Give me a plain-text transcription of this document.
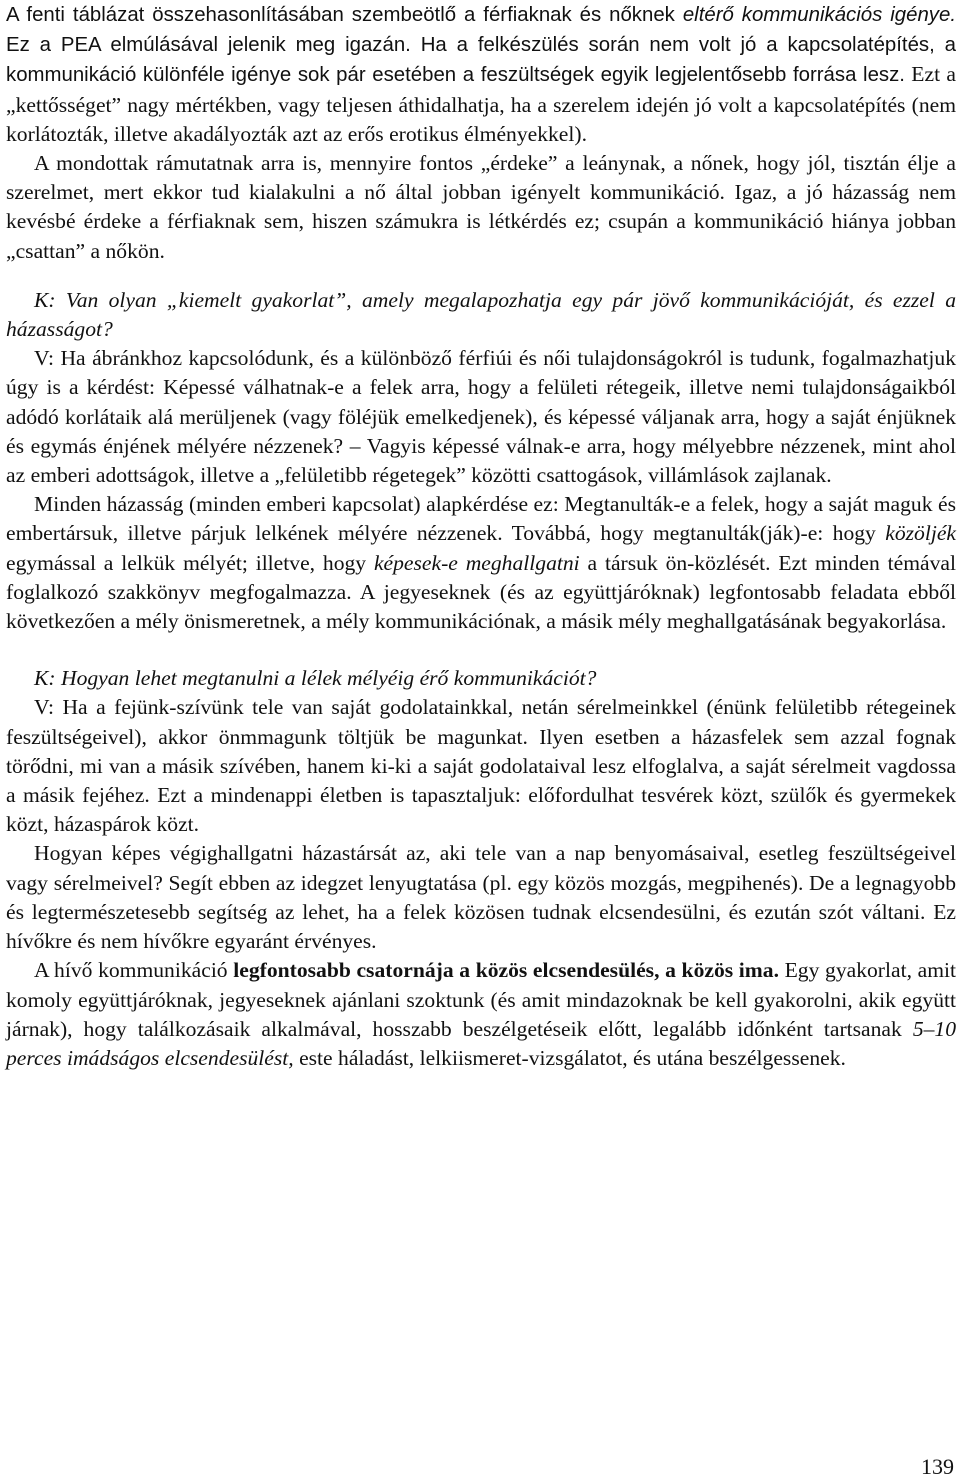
A fenti táblázat összehasonlításában szembeötlő a férfiaknak és nőknek eltérő kommunikációs igénye. Ez a PEA elmúlásával jelenik meg igazán. Ha a felkészülés során nem volt jó a kapcsolatépítés, a kommunikáció különféle igénye sok pár esetében a feszültségek egyik legjelentősebb forrása lesz. Ezt a „kettősséget” nagy mértékben, vagy teljesen áthidalhatja, ha a szerelem idején jó volt a kapcsolatépítés (nem korlátozták, illetve akadályozták azt az erős erotikus élményekkel).

A mondottak rámutatnak arra is, mennyire fontos „érdeke” a leánynak, a nőnek, hogy jól, tisztán élje a szerelmet, mert ekkor tud kialakulni a nő által jobban igényelt kommunikáció. Igaz, a jó házasság nem kevésbé érdeke a férfiaknak sem, hiszen számukra is létkérdés ez; csupán a kommunikáció hiánya jobban „csattan” a nőkön.

K: Van olyan „kiemelt gyakorlat”, amely megalapozhatja egy pár jövő kommunikációját, és ezzel a házasságot?

V: Ha ábránkhoz kapcsolódunk, és a különböző férfiúi és női tulajdonságokról is tudunk, fogalmazhatjuk úgy is a kérdést: Képessé válhatnak-e a felek arra, hogy a felületi rétegeik, illetve nemi tulajdonságaikból adódó korlátaik alá merüljenek (vagy föléjük emelkedjenek), és képessé váljanak arra, hogy a saját énjüknek és egymás énjének mélyére nézzenek? – Vagyis képessé válnak-e arra, hogy mélyebbre nézzenek, mint ahol az emberi adottságok, illetve a „felületibb régetegek” közötti csattogások, villámlások zajlanak.

Minden házasság (minden emberi kapcsolat) alapkérdése ez: Megtanulták-e a felek, hogy a saját maguk és embertársuk, illetve párjuk lelkének mélyére nézzenek. Továbbá, hogy megtanulták(ják)-e: hogy közöljék egymással a lelkük mélyét; illetve, hogy képesek-e meghallgatni a társuk ön-közlését. Ezt minden témával foglalkozó szakkönyv megfogalmazza. A jegyeseknek (és az együttjáróknak) legfontosabb feladata ebből következően a mély önismeretnek, a mély kommunikációnak, a másik mély meghallgatásának begyakorlása.

K: Hogyan lehet megtanulni a lélek mélyéig érő kommunikációt?

V: Ha a fejünk-szívünk tele van saját godolatainkkal, netán sérelmeinkkel (énünk felületibb rétegeinek feszültségeivel), akkor önmmagunk töltjük be magunkat. Ilyen esetben a házasfelek sem azzal fognak törődni, mi van a másik szívében, hanem ki-ki a saját godolataival lesz elfoglalva, a saját sérelmeit vagdossa a másik fejéhez. Ezt a mindenappi életben is tapasztaljuk: előfordulhat tesvérek közt, szülők és gyermekek közt, házaspárok közt.

Hogyan képes végighallgatni házastársát az, aki tele van a nap benyomásaival, esetleg feszültségeivel vagy sérelmeivel? Segít ebben az idegzet lenyugtatása (pl. egy közös mozgás, megpihenés). De a legnagyobb és legtermészetesebb segítség az lehet, ha a felek közösen tudnak elcsendesülni, és ezután szót váltani. Ez hívőkre és nem hívőkre egyaránt érvényes.

A hívő kommunikáció legfontosabb csatornája a közös elcsendesülés, a közös ima. Egy gyakorlat, amit komoly együttjáróknak, jegyeseknek ajánlani szoktunk (és amit mindazoknak be kell gyakorolni, akik együtt járnak), hogy találkozásaik alkalmával, hosszabb beszélgetéseik előtt, legalább időnként tartsanak 5–10 perces imádságos elcsendesülést, este háladást, lelkiismeret-vizsgálatot, és utána beszélgessenek.

139
